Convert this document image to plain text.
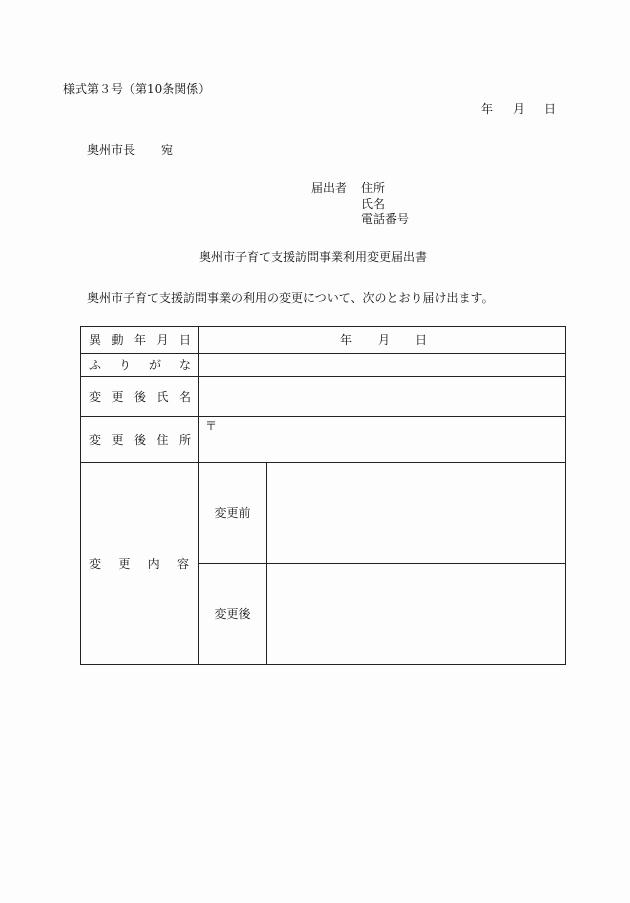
様式第３号（第10条関係）
年 月 日
奥州市長 宛
届出者 住所
氏名
電話番号
奥州市子育て支援訪問事業利用変更届出書
奥州市子育て支援訪問事業の利用の変更について、次のとおり届け出ます。
異 動 年 月 日	年 月 日	

ふ り が な		

変 更 後 氏 名		

変 更 後 住 所	〒	

変 更 内 容	変更前	
	変更後	
